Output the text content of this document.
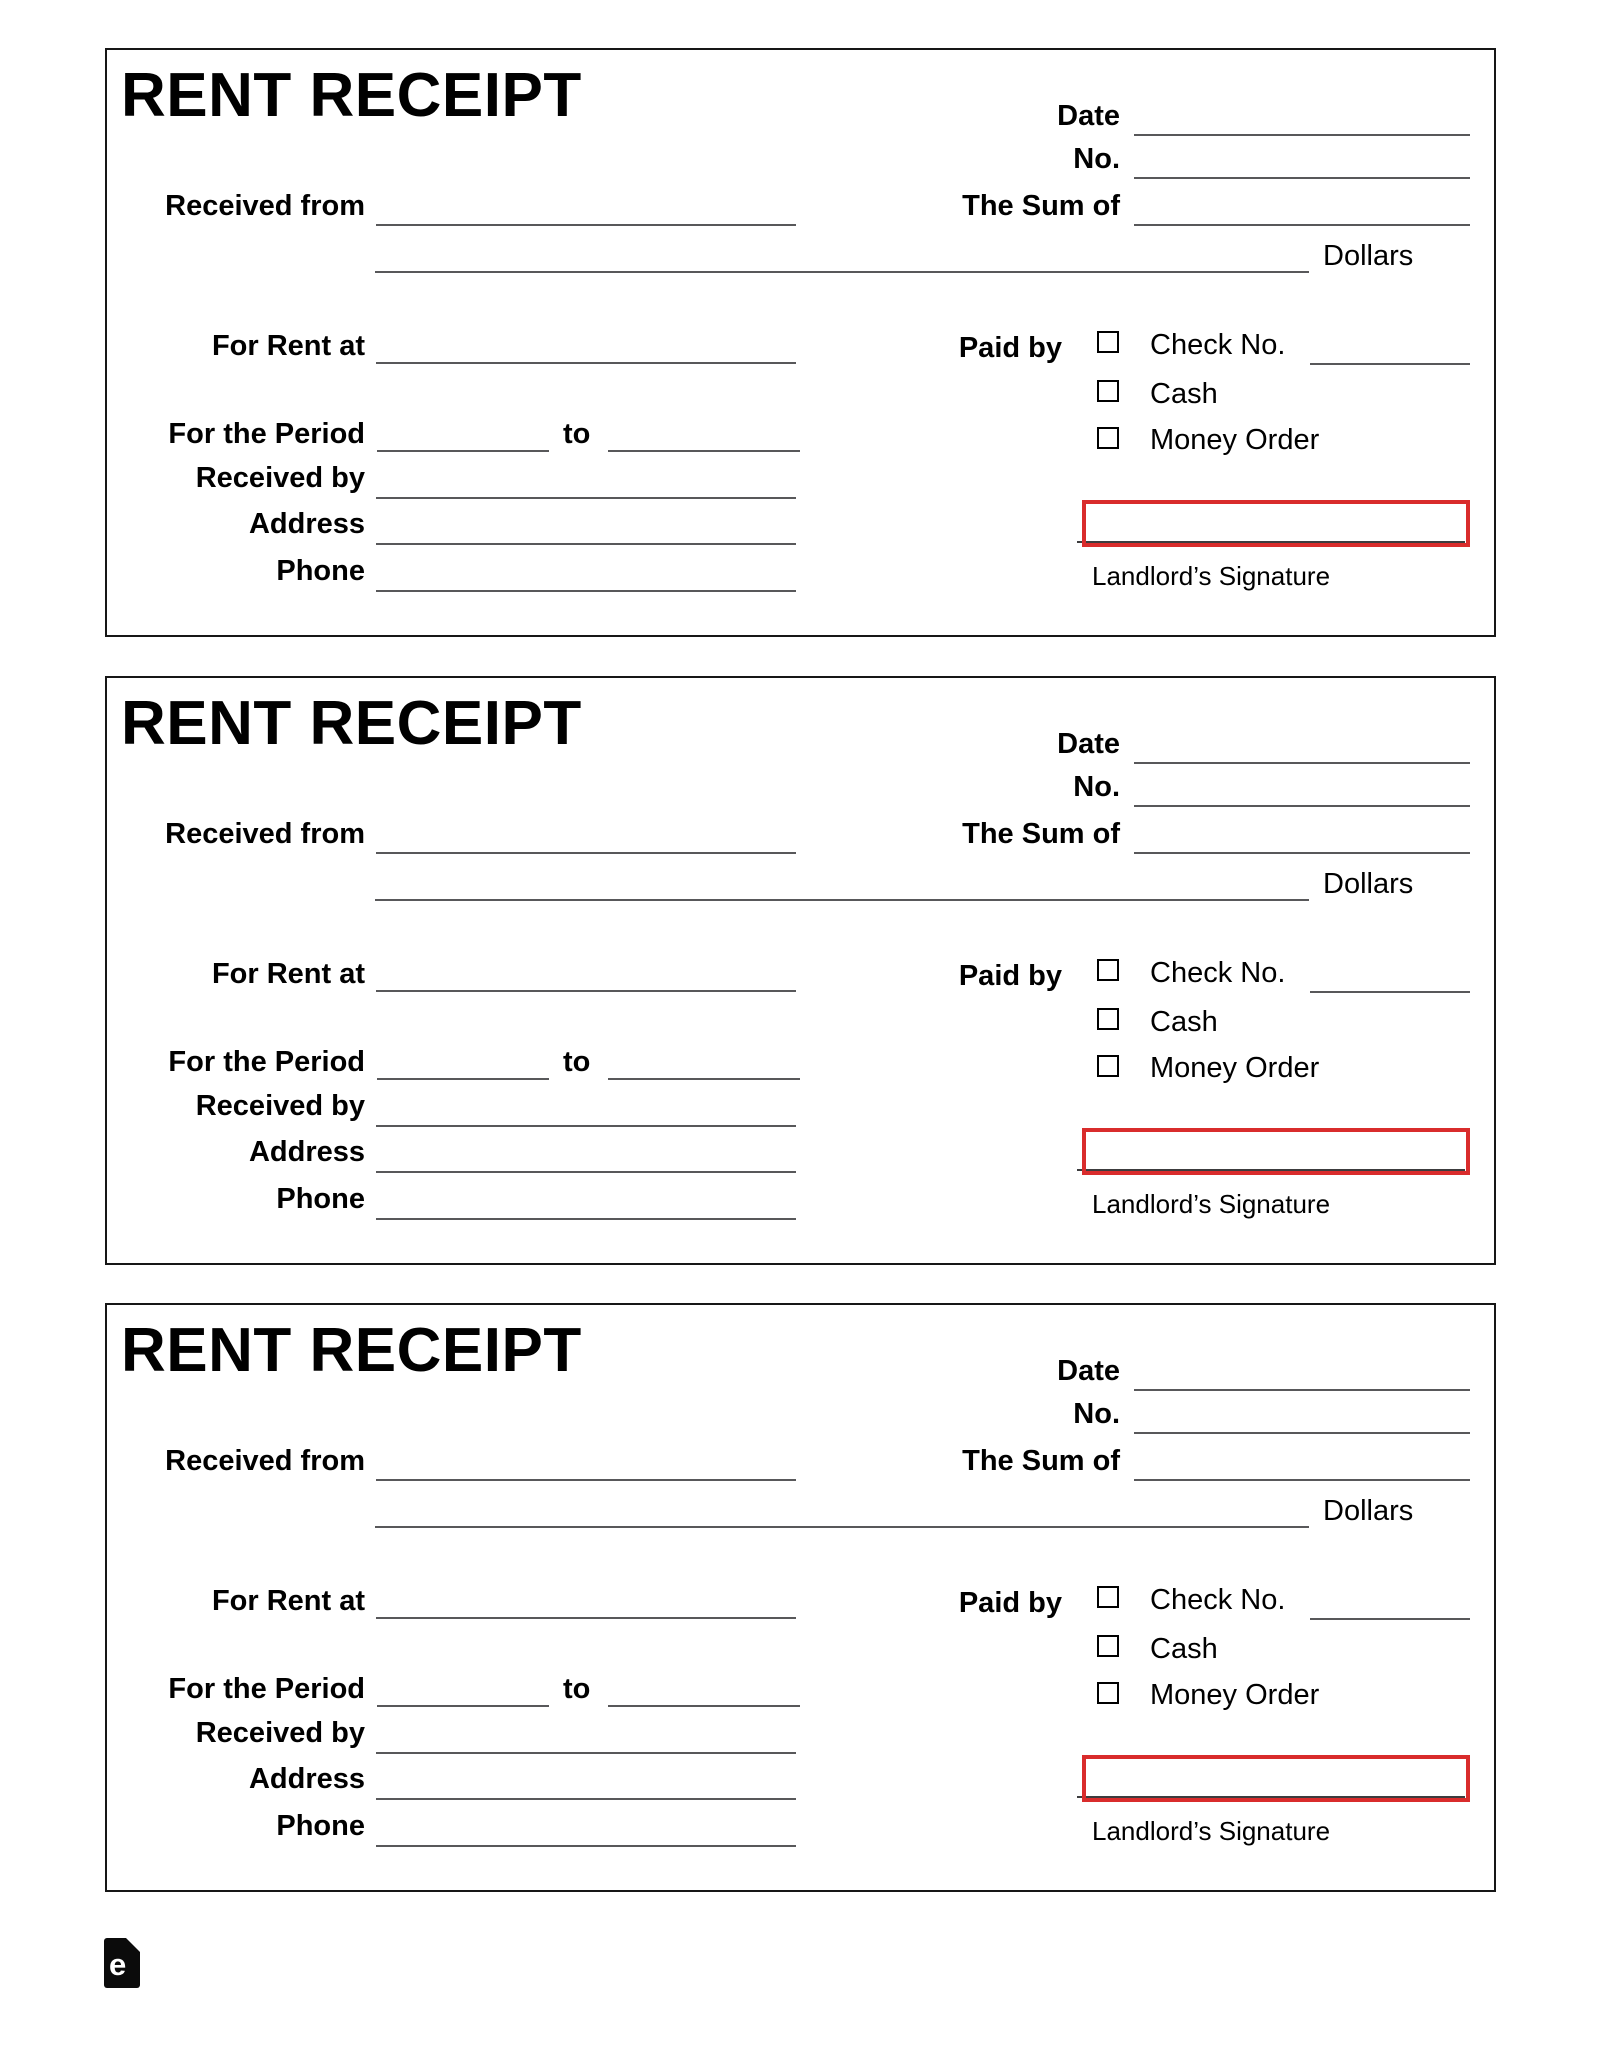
RENT RECEIPT	Date
No.
Received from	The Sum of
Dollars
For Rent at	Paid by	Check No.
Cash
Money Order
For the Period	to
Received by
Address
Phone	Landlord’s Signature
RENT RECEIPT	Date
No.
Received from	The Sum of
Dollars
For Rent at	Paid by	Check No.
Cash
Money Order
For the Period	to
Received by
Address
Phone	Landlord’s Signature
RENT RECEIPT	Date
No.
Received from	The Sum of
Dollars
For Rent at	Paid by	Check No.
Cash
Money Order
For the Period	to
Received by
Address
Phone	Landlord’s Signature
e
